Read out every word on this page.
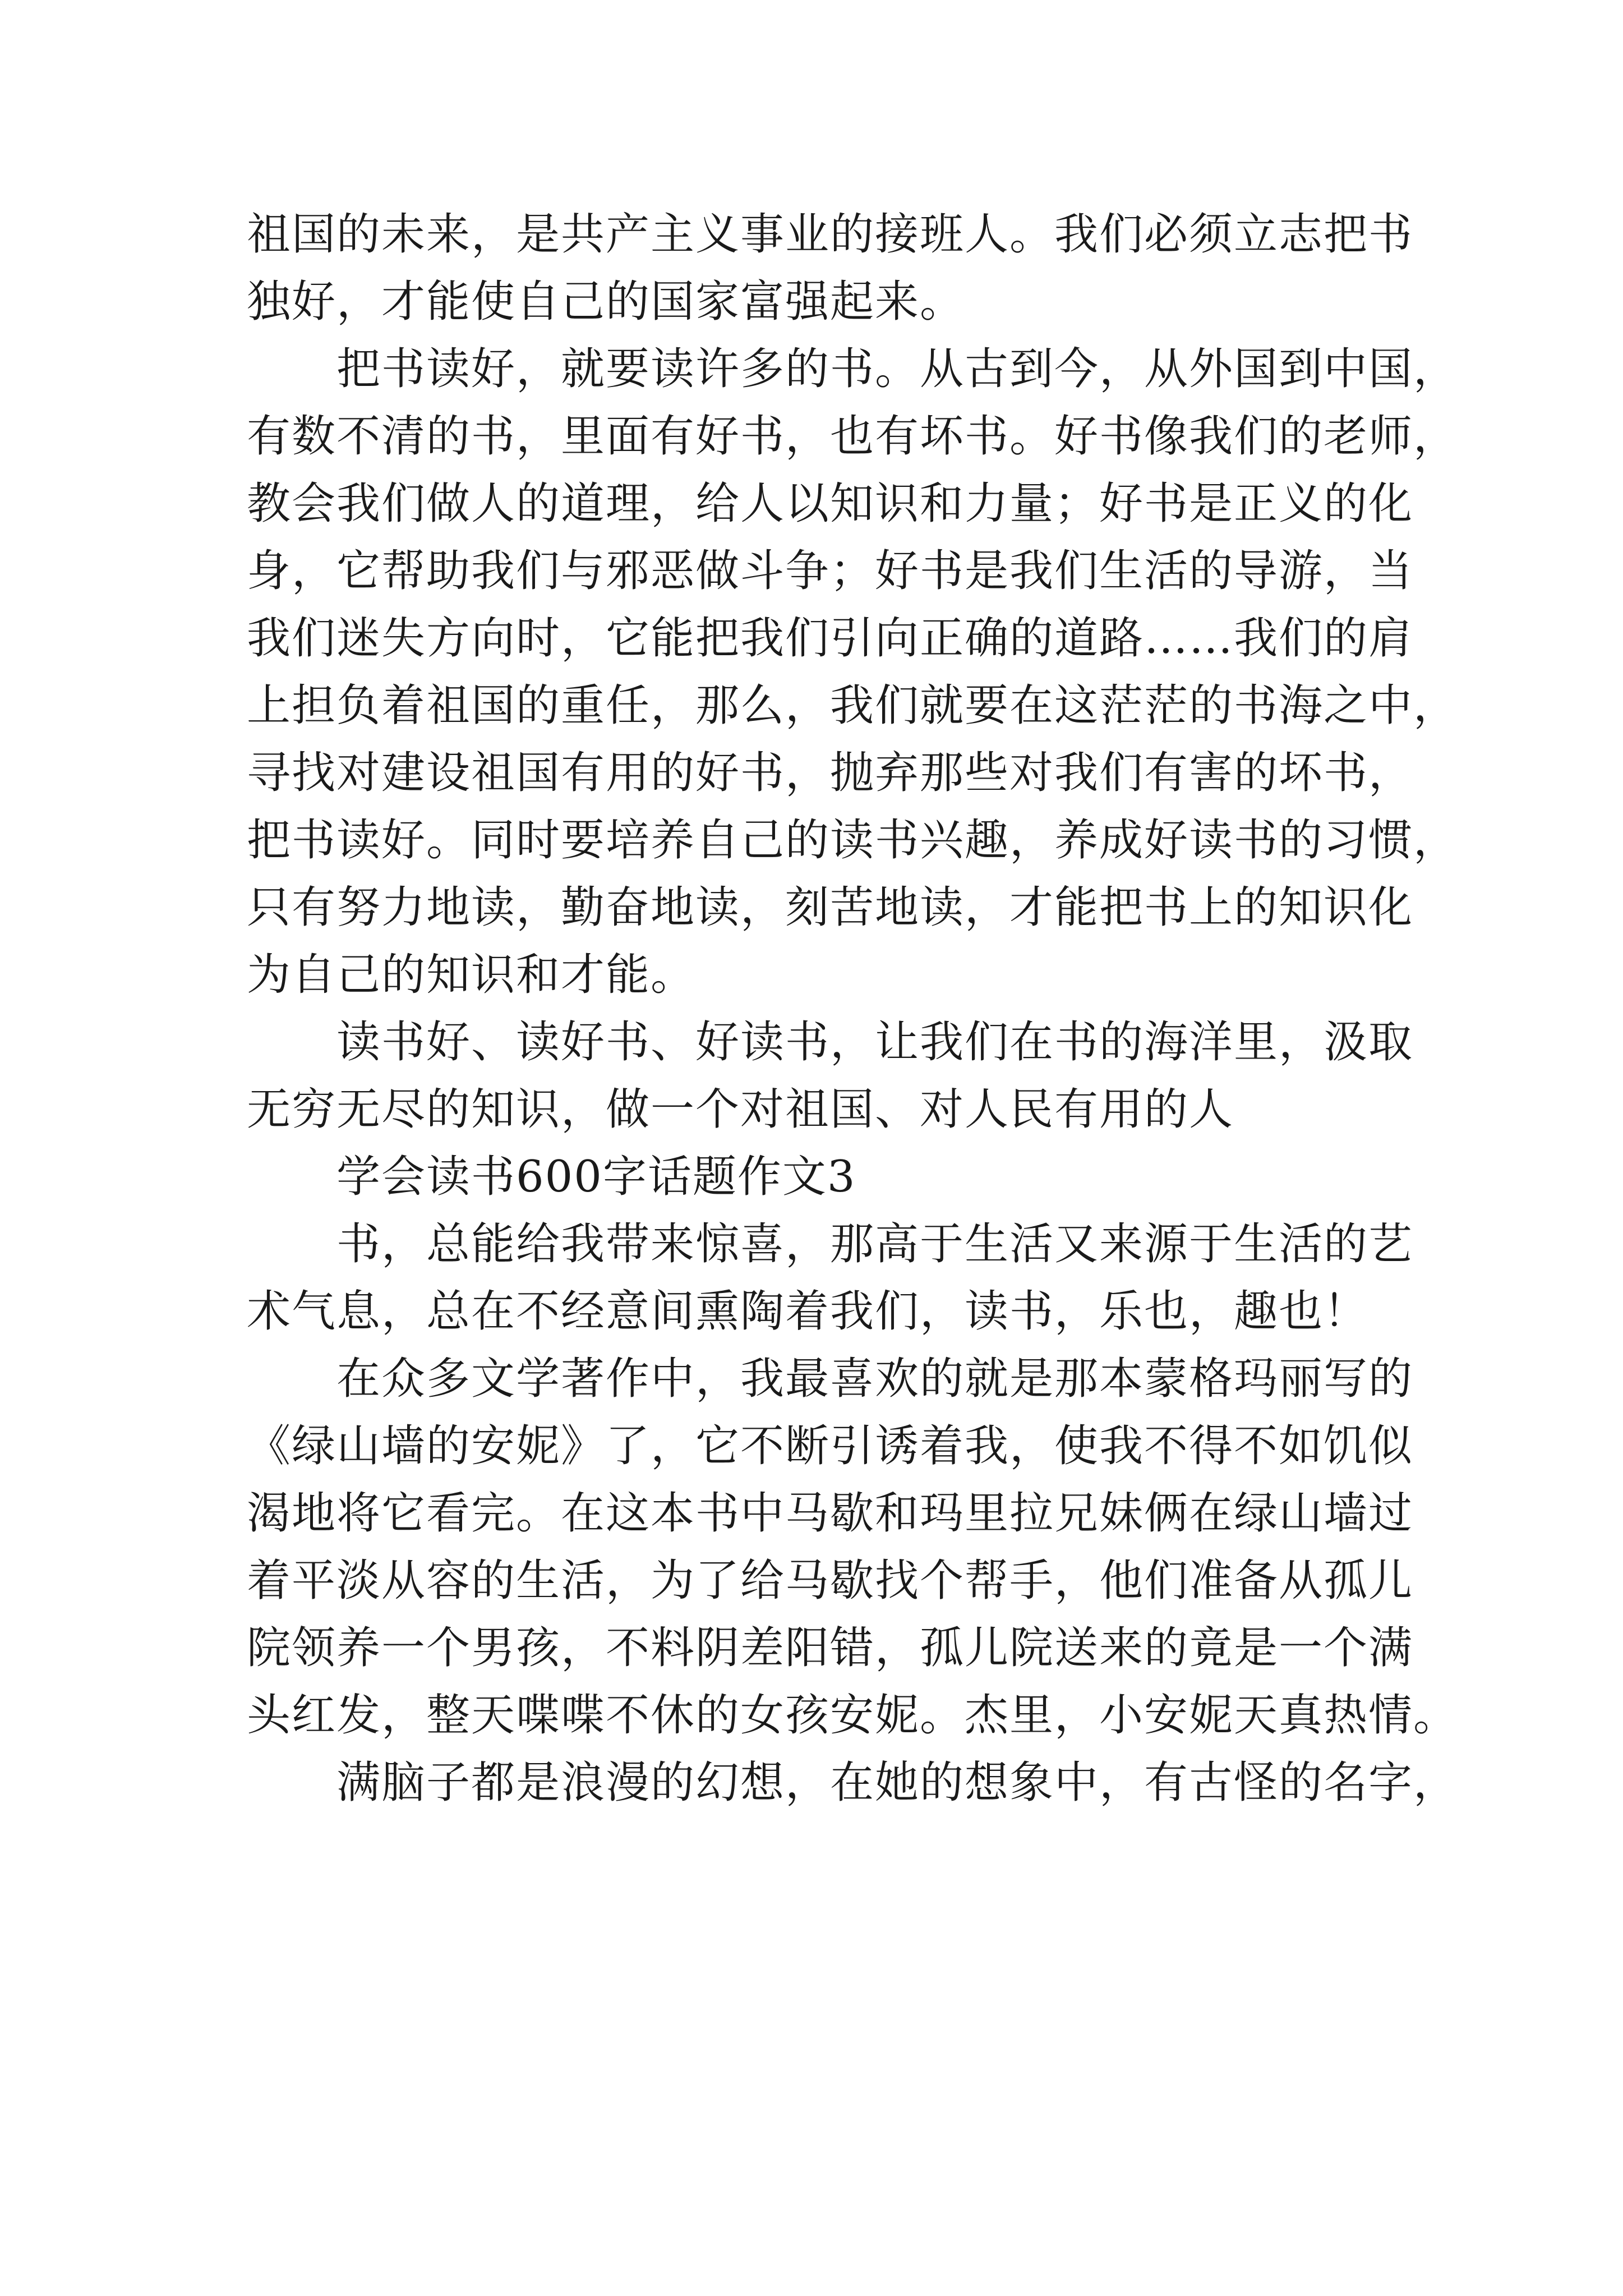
祖国的未来，是共产主义事业的接班人。我们必须立志把书
独好，才能使自己的国家富强起来。
把书读好，就要读许多的书。从古到今，从外国到中国，
有数不清的书，里面有好书，也有坏书。好书像我们的老师，
教会我们做人的道理，给人以知识和力量；好书是正义的化
身，它帮助我们与邪恶做斗争；好书是我们生活的导游，当
我们迷失方向时，它能把我们引向正确的道路……我们的肩
上担负着祖国的重任，那么，我们就要在这茫茫的书海之中，
寻找对建设祖国有用的好书，抛弃那些对我们有害的坏书，
把书读好。同时要培养自己的读书兴趣，养成好读书的习惯，
只有努力地读，勤奋地读，刻苦地读，才能把书上的知识化
为自己的知识和才能。
读书好、读好书、好读书，让我们在书的海洋里，汲取
无穷无尽的知识，做一个对祖国、对人民有用的人
学会读书600字话题作文3
书，总能给我带来惊喜，那高于生活又来源于生活的艺
术气息，总在不经意间熏陶着我们，读书，乐也，趣也！
在众多文学著作中，我最喜欢的就是那本蒙格玛丽写的
《绿山墙的安妮》了，它不断引诱着我，使我不得不如饥似
渴地将它看完。在这本书中马歇和玛里拉兄妹俩在绿山墙过
着平淡从容的生活，为了给马歇找个帮手，他们准备从孤儿
院领养一个男孩，不料阴差阳错，孤儿院送来的竟是一个满
头红发，整天喋喋不休的女孩安妮。杰里，小安妮天真热情。
满脑子都是浪漫的幻想，在她的想象中，有古怪的名字，
